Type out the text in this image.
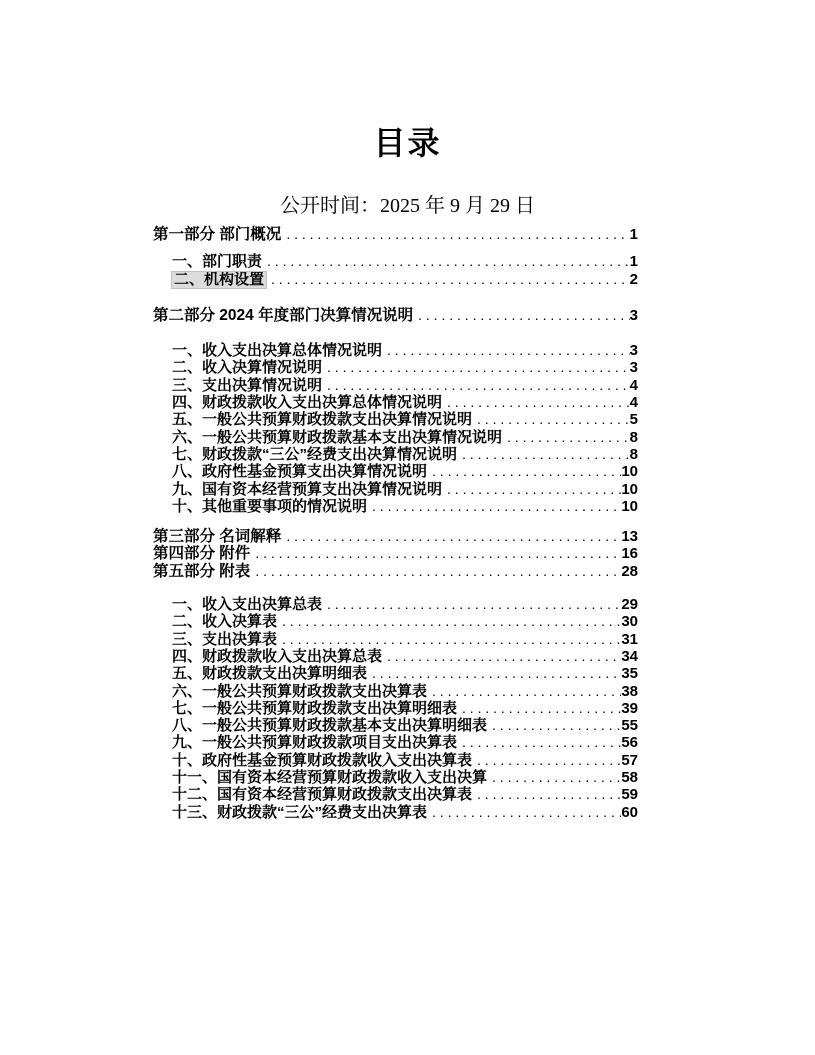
目录
公开时间：2025 年 9 月 29 日
第一部分 部门概况 . . .	1
一、部门职责 . . .	1
二、机构设置 . . .	2
第二部分 2024 年度部门决算情况说明 . . .	3
一、收入支出决算总体情况说明 . . .	3
二、收入决算情况说明 . . .	3
三、支出决算情况说明 . . .	4
四、财政拨款收入支出决算总体情况说明 . . .	4
五、一般公共预算财政拨款支出决算情况说明 . . .	5
六、一般公共预算财政拨款基本支出决算情况说明 . . .	8
七、财政拨款“三公”经费支出决算情况说明 . . .	8
八、政府性基金预算支出决算情况说明 . . .	10
九、国有资本经营预算支出决算情况说明 . . .	10
十、其他重要事项的情况说明 . . .	10
第三部分 名词解释 . . .	13
第四部分 附件 . . .	16
第五部分 附表 . . .	28
一、收入支出决算总表 . . .	29
二、收入决算表 . . .	30
三、支出决算表 . . .	31
四、财政拨款收入支出决算总表 . . .	34
五、财政拨款支出决算明细表 . . .	35
六、一般公共预算财政拨款支出决算表 . . .	38
七、一般公共预算财政拨款支出决算明细表 . . .	39
八、一般公共预算财政拨款基本支出决算明细表 . . .	55
九、一般公共预算财政拨款项目支出决算表 . . .	56
十、政府性基金预算财政拨款收入支出决算表 . . .	57
十一、国有资本经营预算财政拨款收入支出决算 . . .	58
十二、国有资本经营预算财政拨款支出决算表 . . .	59
十三、财政拨款“三公”经费支出决算表 . . .	60
